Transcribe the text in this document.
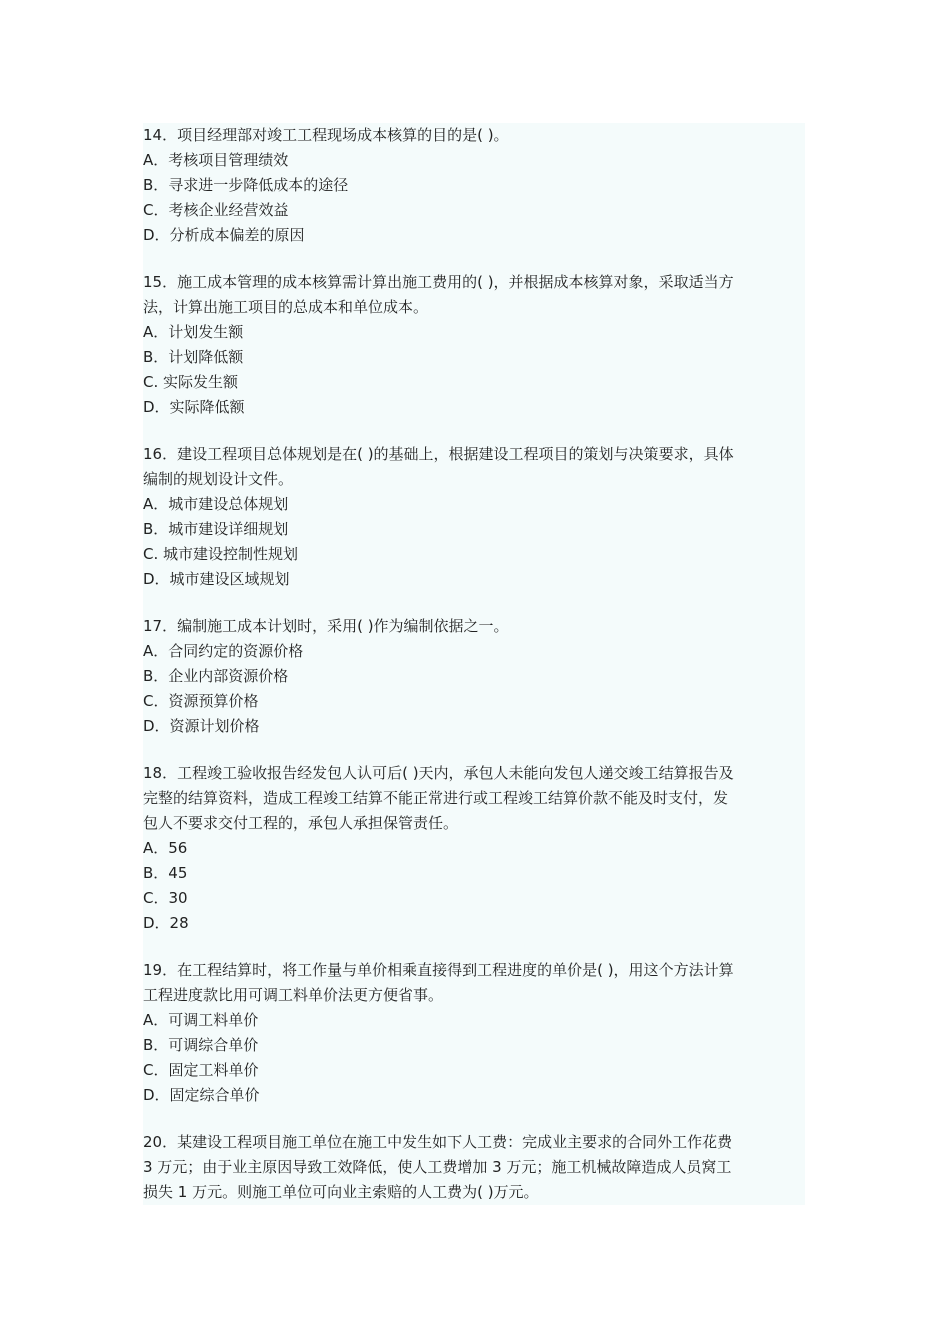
14．项目经理部对竣工工程现场成本核算的目的是( )。
A．考核项目管理绩效
B．寻求进一步降低成本的途径
C．考核企业经营效益
D．分析成本偏差的原因
15．施工成本管理的成本核算需计算出施工费用的( )，并根据成本核算对象，采取适当方
法，计算出施工项目的总成本和单位成本。
A．计划发生额
B．计划降低额
C. 实际发生额
D．实际降低额
16．建设工程项目总体规划是在( )的基础上，根据建设工程项目的策划与决策要求，具体
编制的规划设计文件。
A．城市建设总体规划
B．城市建设详细规划
C. 城市建设控制性规划
D．城市建设区域规划
17．编制施工成本计划时，采用( )作为编制依据之一。
A．合同约定的资源价格
B．企业内部资源价格
C．资源预算价格
D．资源计划价格
18．工程竣工验收报告经发包人认可后( )天内，承包人未能向发包人递交竣工结算报告及
完整的结算资料，造成工程竣工结算不能正常进行或工程竣工结算价款不能及时支付，发
包人不要求交付工程的，承包人承担保管责任。
A．56
B．45
C．30
D．28
19．在工程结算时，将工作量与单价相乘直接得到工程进度的单价是( )，用这个方法计算
工程进度款比用可调工料单价法更方便省事。
A．可调工料单价
B．可调综合单价
C．固定工料单价
D．固定综合单价
20．某建设工程项目施工单位在施工中发生如下人工费：完成业主要求的合同外工作花费
3 万元；由于业主原因导致工效降低，使人工费增加 3 万元；施工机械故障造成人员窝工
损失 1 万元。则施工单位可向业主索赔的人工费为( )万元。
